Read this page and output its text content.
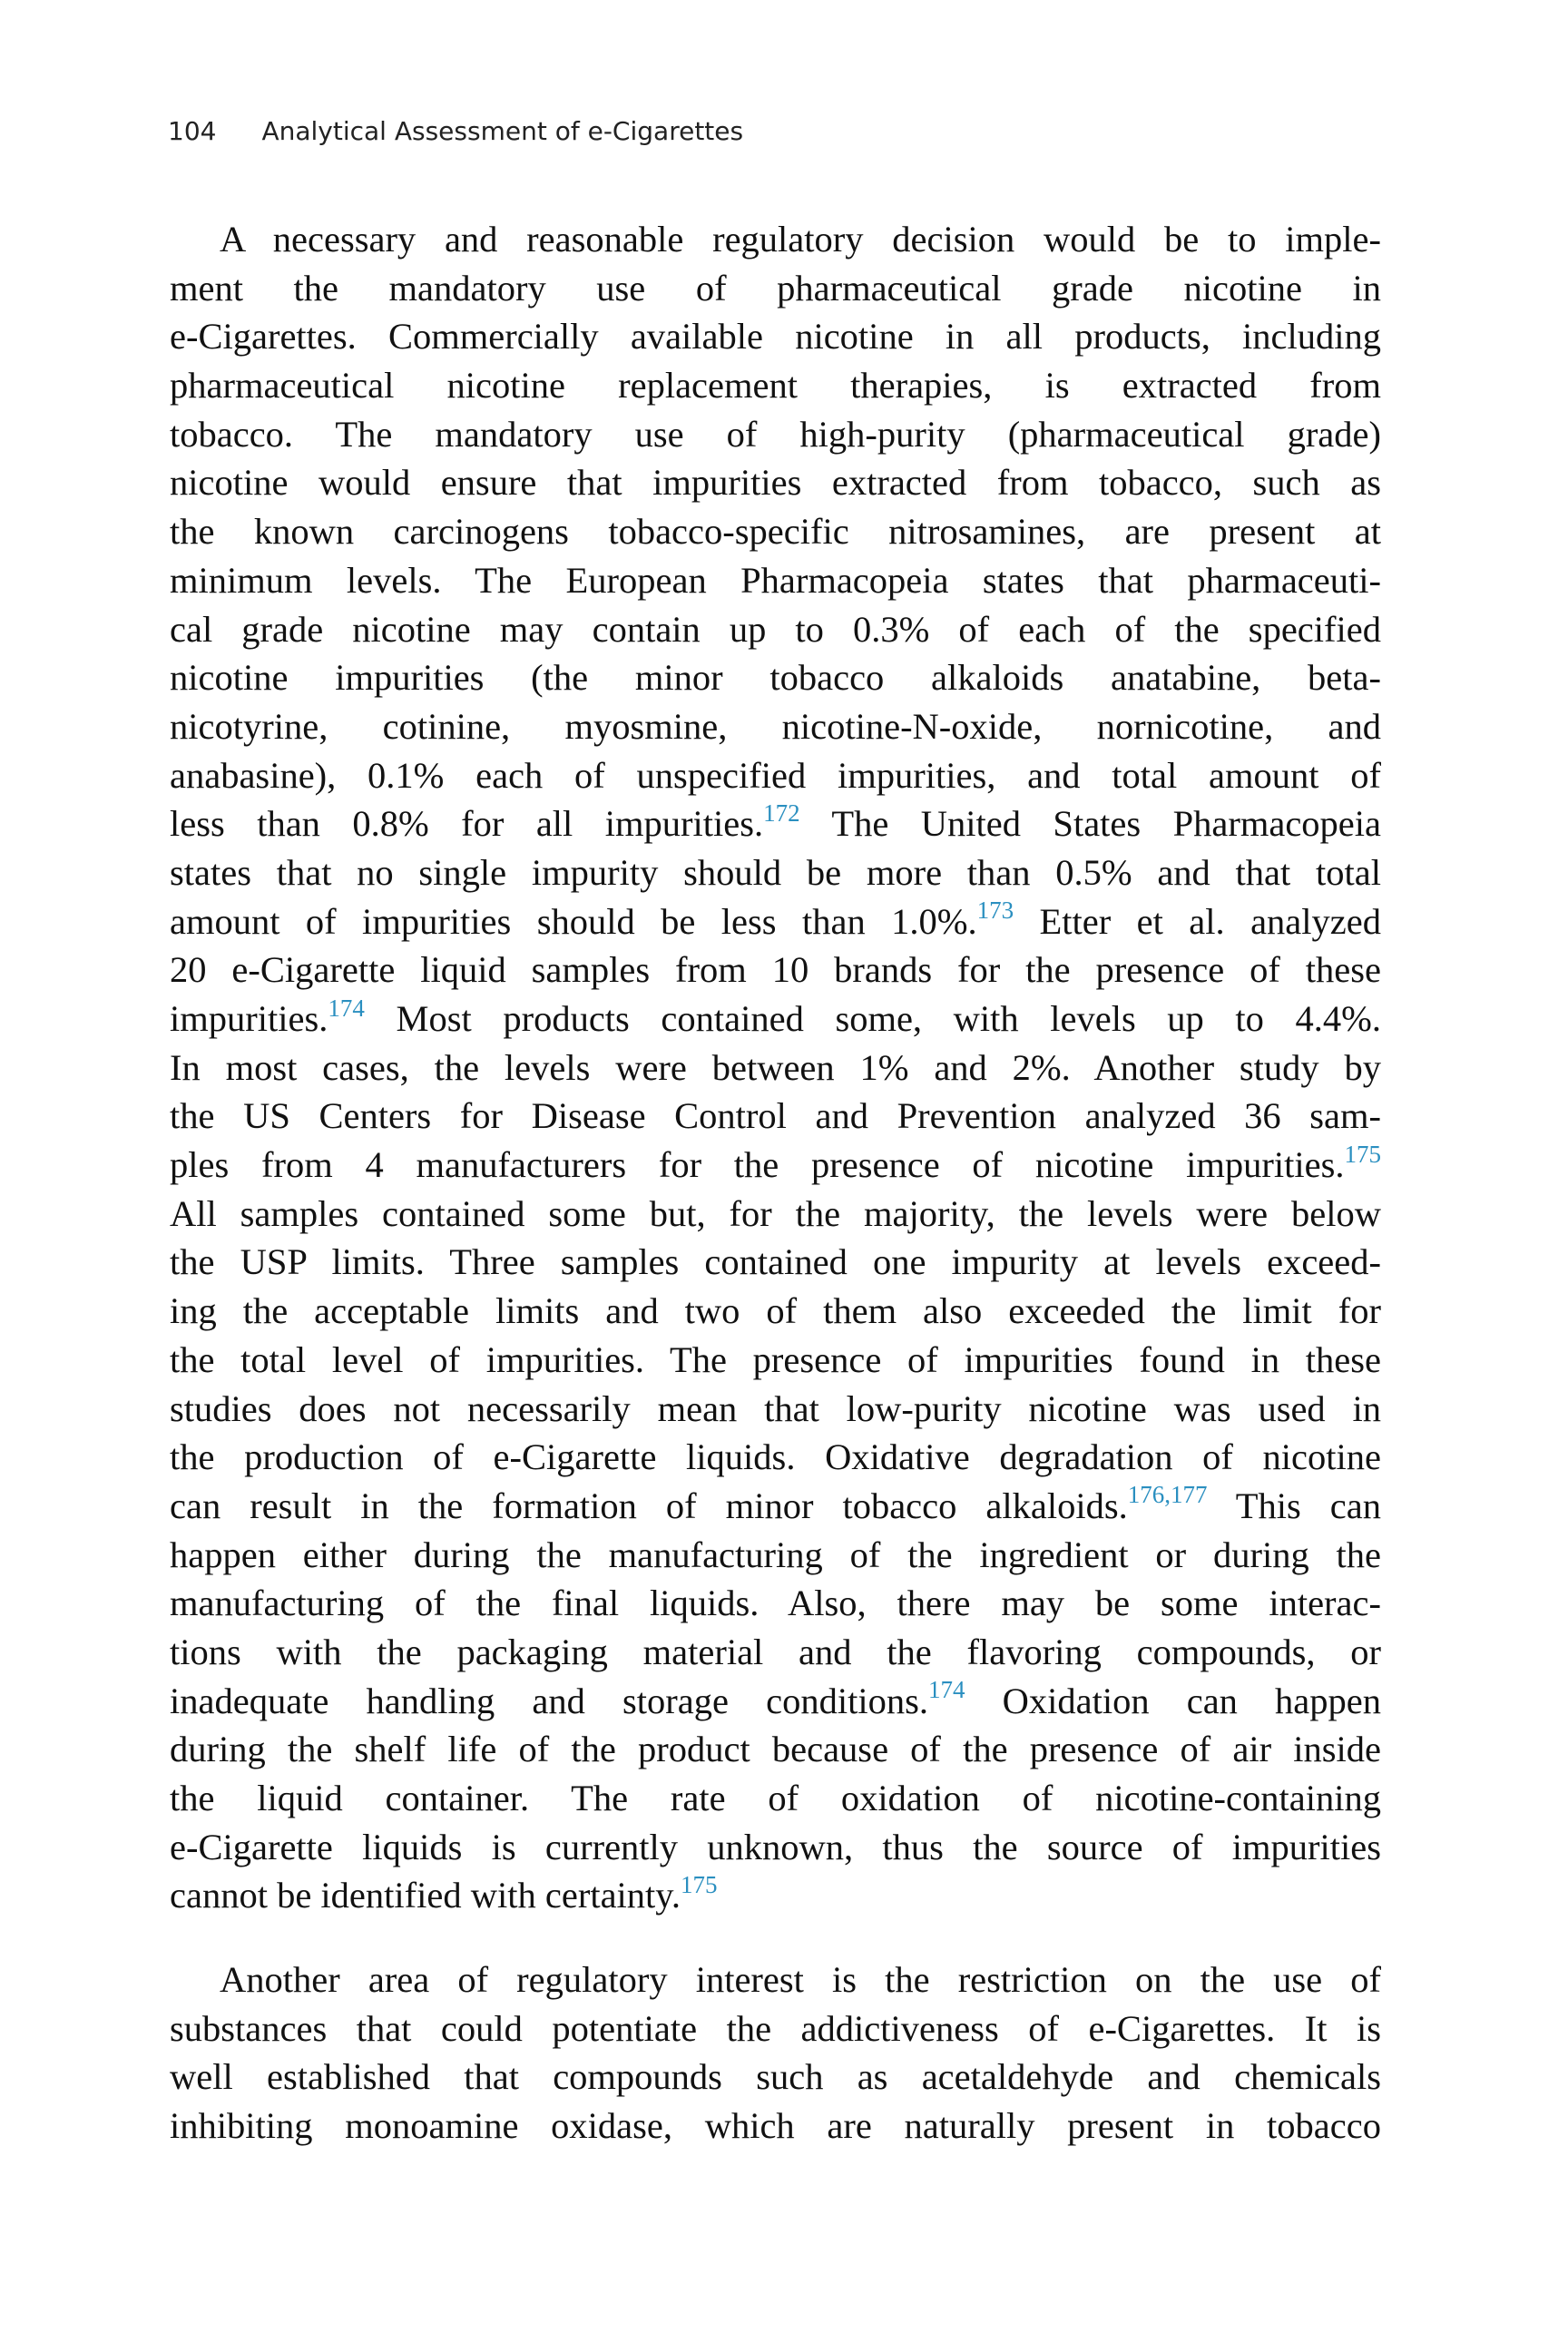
104 Analytical Assessment of e-Cigarettes
A necessary and reasonable regulatory decision would be to imple-
ment the mandatory use of pharmaceutical grade nicotine in
e-Cigarettes. Commercially available nicotine in all products, including
pharmaceutical nicotine replacement therapies, is extracted from
tobacco. The mandatory use of high-purity (pharmaceutical grade)
nicotine would ensure that impurities extracted from tobacco, such as
the known carcinogens tobacco-specific nitrosamines, are present at
minimum levels. The European Pharmacopeia states that pharmaceuti-
cal grade nicotine may contain up to 0.3% of each of the specified
nicotine impurities (the minor tobacco alkaloids anatabine, beta-
nicotyrine, cotinine, myosmine, nicotine-N-oxide, nornicotine, and
anabasine), 0.1% each of unspecified impurities, and total amount of
less than 0.8% for all impurities.$^{172}$ The United States Pharmacopeia
states that no single impurity should be more than 0.5% and that total
amount of impurities should be less than 1.0%.$^{173}$ Etter et al. analyzed
20 e-Cigarette liquid samples from 10 brands for the presence of these
impurities.$^{174}$ Most products contained some, with levels up to 4.4%.
In most cases, the levels were between 1% and 2%. Another study by
the US Centers for Disease Control and Prevention analyzed 36 sam-
ples from 4 manufacturers for the presence of nicotine impurities.$^{175}$
All samples contained some but, for the majority, the levels were below
the USP limits. Three samples contained one impurity at levels exceed-
ing the acceptable limits and two of them also exceeded the limit for
the total level of impurities. The presence of impurities found in these
studies does not necessarily mean that low-purity nicotine was used in
the production of e-Cigarette liquids. Oxidative degradation of nicotine
can result in the formation of minor tobacco alkaloids.$^{176,177}$ This can
happen either during the manufacturing of the ingredient or during the
manufacturing of the final liquids. Also, there may be some interac-
tions with the packaging material and the flavoring compounds, or
inadequate handling and storage conditions.$^{174}$ Oxidation can happen
during the shelf life of the product because of the presence of air inside
the liquid container. The rate of oxidation of nicotine-containing
e-Cigarette liquids is currently unknown, thus the source of impurities
cannot be identified with certainty.$^{175}$
Another area of regulatory interest is the restriction on the use of
substances that could potentiate the addictiveness of e-Cigarettes. It is
well established that compounds such as acetaldehyde and chemicals
inhibiting monoamine oxidase, which are naturally present in tobacco
